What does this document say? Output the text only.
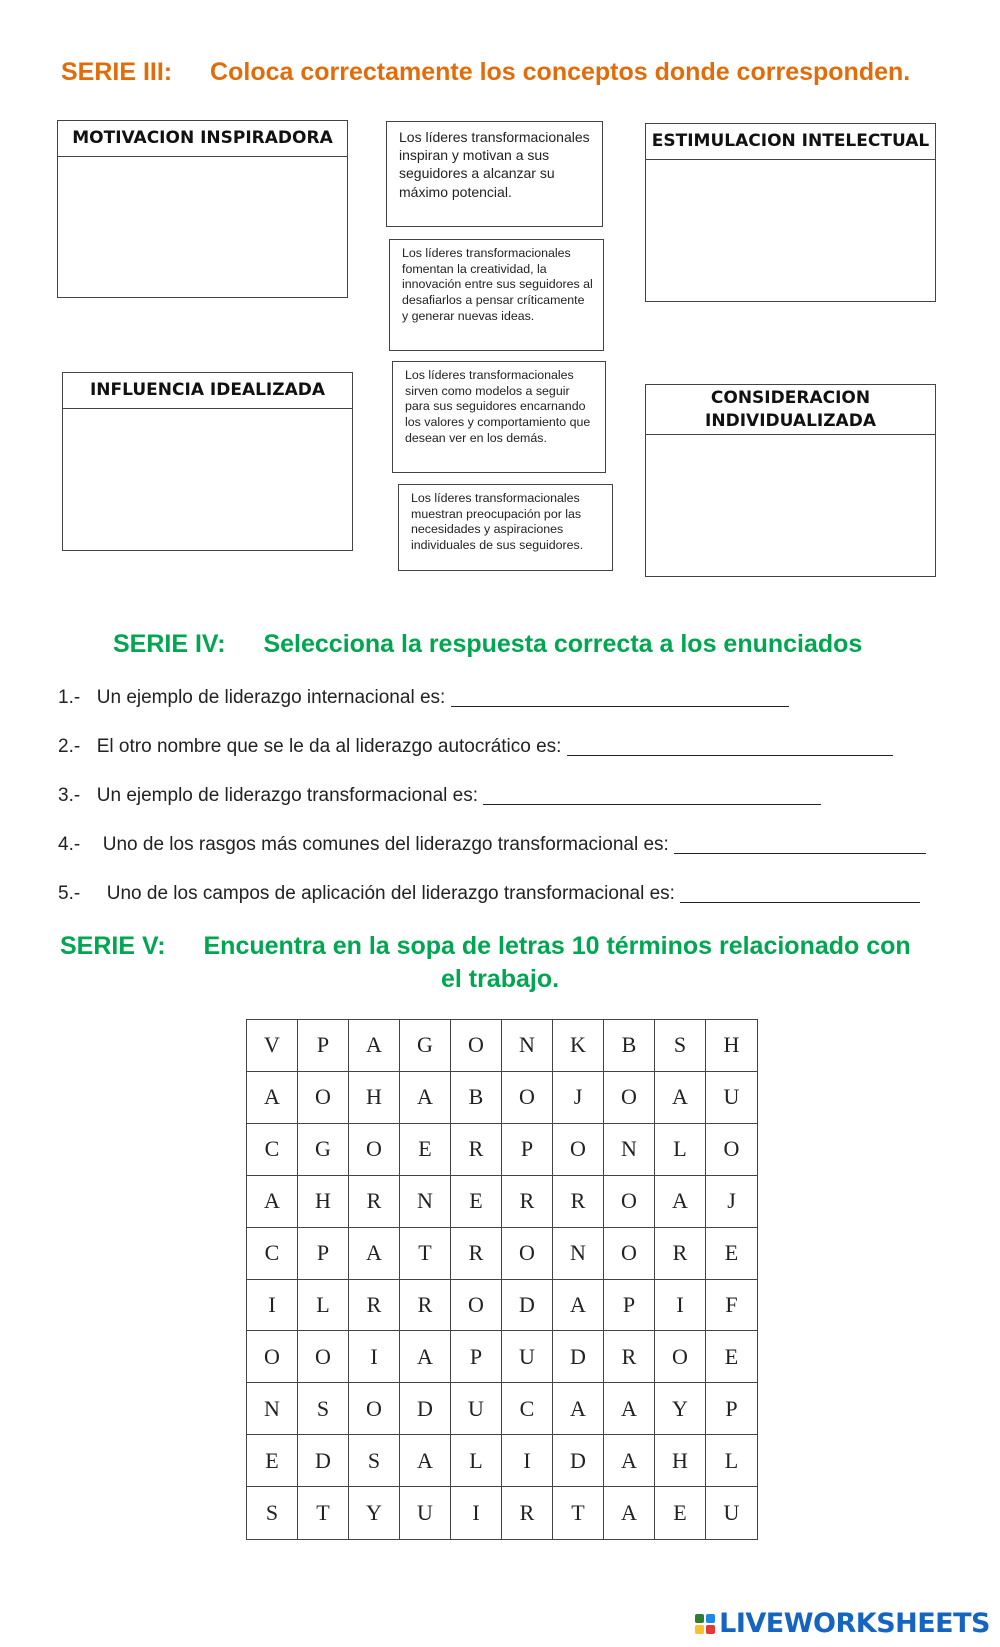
SERIE III: Coloca correctamente los conceptos donde corresponden.
MOTIVACION INSPIRADORA	ESTIMULACION INTELECTUAL
INFLUENCIA IDEALIZADA	CONSIDERACION INDIVIDUALIZADA
Los líderes transformacionales inspiran y motivan a sus seguidores a alcanzar su máximo potencial.
Los líderes transformacionales fomentan la creatividad, la innovación entre sus seguidores al desafiarlos a pensar críticamente y generar nuevas ideas.
Los líderes transformacionales sirven como modelos a seguir para sus seguidores encarnando los valores y comportamiento que desean ver en los demás.
Los líderes transformacionales muestran preocupación por las necesidades y aspiraciones individuales de sus seguidores.
SERIE IV: Selecciona la respuesta correcta a los enunciados
1.- Un ejemplo de liderazgo internacional es:
2.- El otro nombre que se le da al liderazgo autocrático es:
3.- Un ejemplo de liderazgo transformacional es:
4.- Uno de los rasgos más comunes del liderazgo transformacional es:
5.- Uno de los campos de aplicación del liderazgo transformacional es:
SERIE V: Encuentra en la sopa de letras 10 términos relacionado con
el trabajo.
V	P	A	G	O	N	K	B	S	H
A	O	H	A	B	O	J	O	A	U
C	G	O	E	R	P	O	N	L	O
A	H	R	N	E	R	R	O	A	J
C	P	A	T	R	O	N	O	R	E
I	L	R	R	O	D	A	P	I	F
O	O	I	A	P	U	D	R	O	E
N	S	O	D	U	C	A	A	Y	P
E	D	S	A	L	I	D	A	H	L
S	T	Y	U	I	R	T	A	E	U
LIVEWORKSHEETS
